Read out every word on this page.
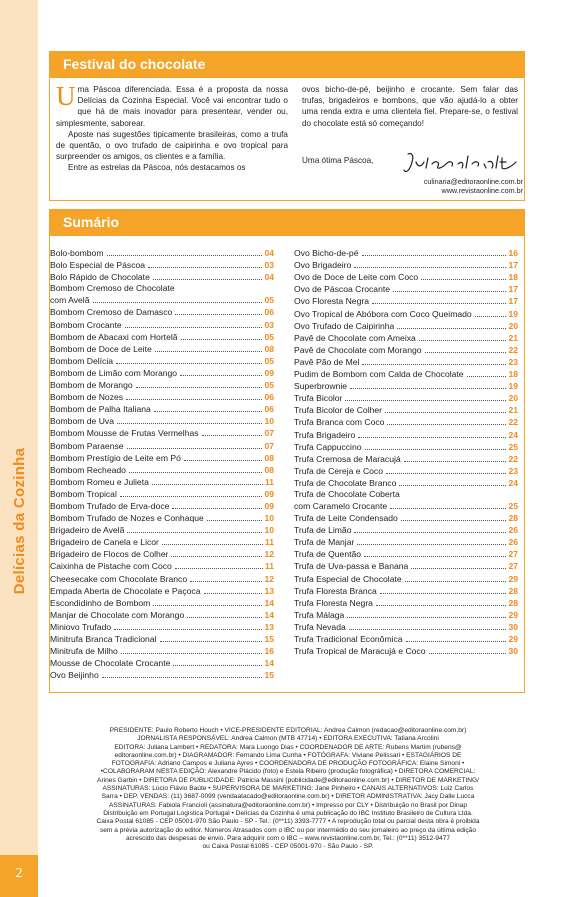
Delícias da Cozinha
2
Festival do chocolate

Uma Páscoa diferenciada. Essa é a proposta da nossa Delícias da Cozinha Especial. Você vai encontrar tudo o que há de mais inovador para presentear, vender ou, simplesmente, saborear.

Aposte nas sugestões tipicamente brasileiras, como a trufa de quentão, o ovo trufado de caipirinha e ovo tropical para surpreender os amigos, os clientes e a família.

Entre as estrelas da Páscoa, nós destacamos os

ovos bicho-de-pé, beijinho e crocante. Sem falar das trufas, brigadeiros e bombons, que vão ajudá-lo a obter uma renda extra e uma clientela fiel. Prepare-se, o festival do chocolate está só começando!

Uma ótima Páscoa,
culinaria@editoraonline.com.br
www.revistaonline.com.br
Sumário
Bolo-bombom	04
Bolo Especial de Páscoa	03
Bolo Rápido de Chocolate	04
Bombom Cremoso de Chocolate
com Avelã	05
Bombom Cremoso de Damasco	06
Bombom Crocante	03
Bombom de Abacaxi com Hortelã	05
Bombom de Doce de Leite	08
Bombom Delícia	05
Bombom de Limão com Morango	09
Bombom de Morango	05
Bombom de Nozes	06
Bombom de Palha Italiana	06
Bombom de Uva	10
Bombom Mousse de Frutas Vermelhas	07
Bombom Paraense	07
Bombom Prestígio de Leite em Pó	08
Bombom Recheado	08
Bombom Romeu e Julieta	11
Bombom Tropical	09
Bombom Trufado de Erva-doce	09
Bombom Trufado de Nozes e Conhaque	10
Brigadeiro de Avelã	10
Brigadeiro de Canela e Licor	11
Brigadeiro de Flocos de Colher	12
Caixinha de Pistache com Coco	11
Cheesecake com Chocolate Branco	12
Empada Aberta de Chocolate e Paçoca	13
Escondidinho de Bombom	14
Manjar de Chocolate com Morango	14
Miniovo Trufado	13
Minitrufa Branca Tradicional	15
Minitrufa de Milho	16
Mousse de Chocolate Crocante	14
Ovo Beijinho	15
Ovo Bicho-de-pé	16
Ovo Brigadeiro	17
Ovo de Doce de Leite com Coco	18
Ovo de Páscoa Crocante	17
Ovo Floresta Negra	17
Ovo Tropical de Abóbora com Coco Queimado	19
Ovo Trufado de Caipirinha	20
Pavê de Chocolate com Ameixa	21
Pavê de Chocolate com Morango	22
Pavê Pão de Mel	23
Pudim de Bombom com Calda de Chocolate	18
Superbrownie	19
Trufa Bicolor	20
Trufa Bicolor de Colher	21
Trufa Branca com Coco	22
Trufa Brigadeiro	24
Trufa Cappuccino	25
Trufa Cremosa de Maracujá	22
Trufa de Cereja e Coco	23
Trufa de Chocolate Branco	24
Trufa de Chocolate Coberta
com Caramelo Crocante	25
Trufa de Leite Condensado	28
Trufa de Limão	26
Trufa de Manjar	26
Trufa de Quentão	27
Trufa de Uva-passa e Banana	27
Trufa Especial de Chocolate	29
Trufa Floresta Branca	28
Trufa Floresta Negra	28
Trufa Málaga	29
Trufa Nevada	30
Trufa Tradicional Econômica	29
Trufa Tropical de Maracujá e Coco	30

PRESIDENTE: Paulo Roberto Houch • VICE-PRESIDENTE EDITORIAL: Andrea Calmon (redacao@editoraonline.com.br)

JORNALISTA RESPONSÁVEL: Andrea Calmon (MTB 47714) • EDITORA EXECUTIVA: Tatiana Arcolini

EDITORA: Juliana Lambert • REDATORA: Mara Luongo Dias • COORDENADOR DE ARTE: Rubens Martim (rubens@

editoraonline.com.br) • DIAGRAMADOR: Fernando Lima Cunha • FOTÓGRAFA: Viviane Pelissari • ESTAGIÁRIOS DE

FOTOGRAFIA: Adriano Campos e Juliana Ayres • COORDENADORA DE PRODUÇÃO FOTOGRÁFICA: Elaine Simoni •

•COLABORARAM NESTA EDIÇÃO: Alexandre Plácido (foto) e Estela Ribeiro (produção fotográfica) • DIRETORA COMERCIAL:

Arines Garbin • DIRETORA DE PUBLICIDADE: Patricia Massini (publicidade@editoraonline.com.br) • DIRETOR DE MARKETING/

ASSINATURAS: Lúcio Flávio Baúte • SUPERVISORA DE MARKETING: Jane Pinheiro • CANAIS ALTERNATIVOS: Luiz Carlos

Sarra • DEP. VENDAS: (11) 3687-0099 (vendaatacado@editoraonline.com.br) • DIRETOR ADMINISTRATIVA: Jacy Dalle Lucca

ASSINATURAS: Fabiola Francioli (assinatura@editoraonline.com.br) • Impresso por CLY • Distribuição no Brasil por Dinap

Distribuição em Portugal Logística Portugal • Delícias da Cozinha é uma publicação do IBC Instituto Brasileiro de Cultura Ltda.

Caixa Postal 61085 - CEP 05001-970 São Paulo - SP - Tel.: (0**11) 3393-7777 • A reprodução total ou parcial desta obra é proibida

sem a prévia autorização do editor. Números Atrasados com o IBC ou por intermédio do seu jornaleiro ao preço da última edição

acrescido das despesas de envio. Para adquirir com o IBC – www.revistaonline.com.br, Tel.: (0**11) 3512-9477

ou Caixa Postal 61085 - CEP 05001-970 - São Paulo - SP.
